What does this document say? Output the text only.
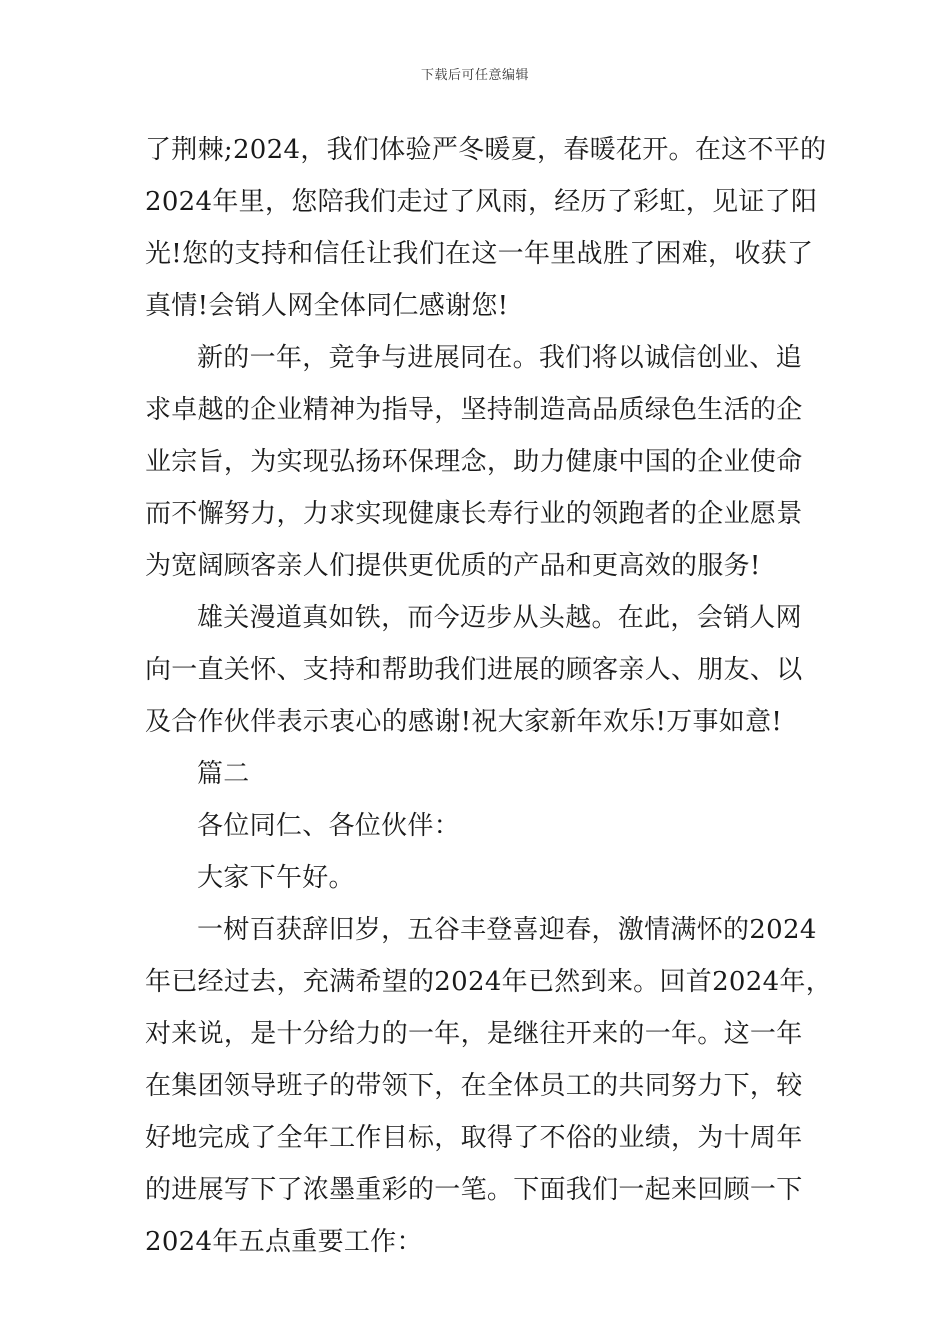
下载后可任意编辑
了荆棘;2024，我们体验严冬暖夏，春暖花开。在这不平的
2024年里，您陪我们走过了风雨，经历了彩虹，见证了阳
光!您的支持和信任让我们在这一年里战胜了困难，收获了
真情!会销人网全体同仁感谢您!
新的一年，竞争与进展同在。我们将以诚信创业、追
求卓越的企业精神为指导，坚持制造高品质绿色生活的企
业宗旨，为实现弘扬环保理念，助力健康中国的企业使命
而不懈努力，力求实现健康长寿行业的领跑者的企业愿景
为宽阔顾客亲人们提供更优质的产品和更高效的服务!
雄关漫道真如铁，而今迈步从头越。在此，会销人网
向一直关怀、支持和帮助我们进展的顾客亲人、朋友、以
及合作伙伴表示衷心的感谢!祝大家新年欢乐!万事如意!
篇二
各位同仁、各位伙伴：
大家下午好。
一树百获辞旧岁，五谷丰登喜迎春，激情满怀的2024
年已经过去，充满希望的2024年已然到来。回首2024年，
对来说，是十分给力的一年，是继往开来的一年。这一年
在集团领导班子的带领下，在全体员工的共同努力下，较
好地完成了全年工作目标，取得了不俗的业绩，为十周年
的进展写下了浓墨重彩的一笔。下面我们一起来回顾一下
2024年五点重要工作：
